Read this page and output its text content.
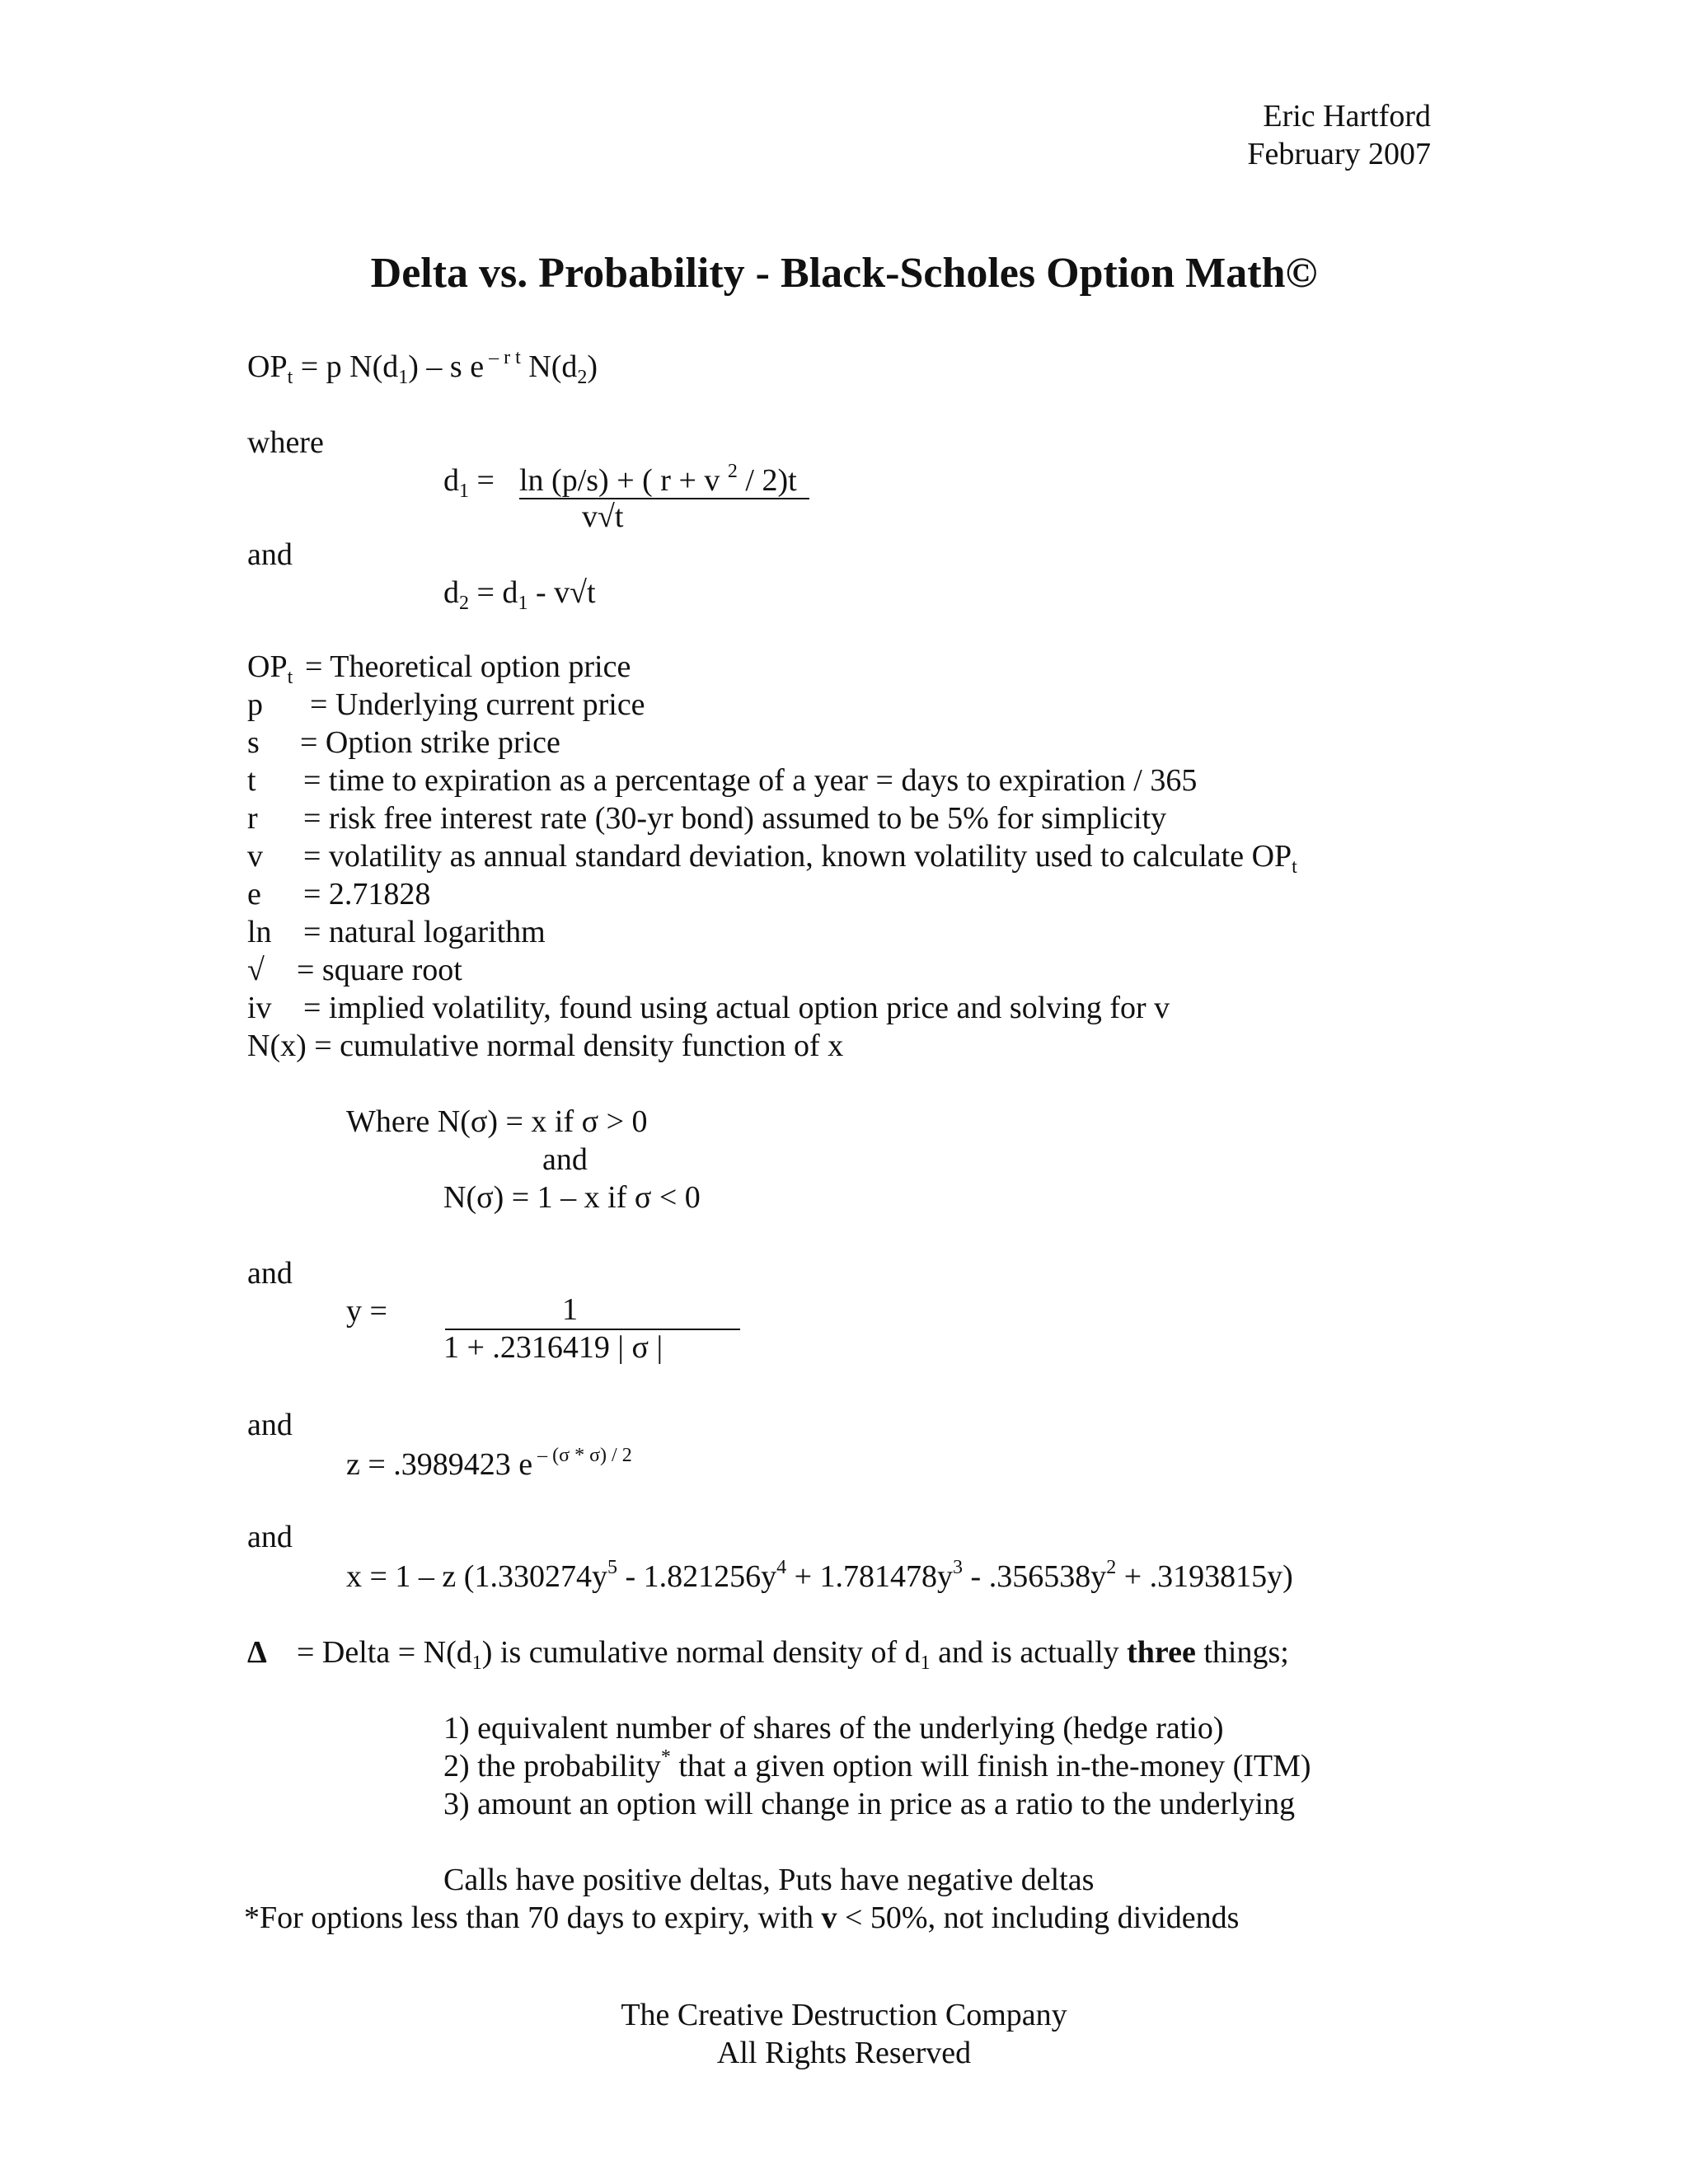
Eric Hartford
February 2007
Delta vs. Probability - Black-Scholes Option Math©
$OP_t = p$ $N(d_1)$ – s e $^{- r t}$ $N(d_2)$
where
$d_1 = \ln (p/s)$ + ( r + v $^2$ / 2)t
v√t
and
$d_2 = d_1 - v√t$
$OP_t$ = Theoretical option price
p = Underlying current price
s = Option strike price
t = time to expiration as a percentage of a year = days to expiration / 365
r = risk free interest rate (30-yr bond) assumed to be 5% for simplicity
v = volatility as annual standard deviation, known volatility used to calculate $OP_t$
e = 2.71828
ln = natural logarithm
√ = square root
iv = implied volatility, found using actual option price and solving for v
N(x) = cumulative normal density function of x
Where N(σ) = x if σ > 0
and
N(σ) = 1 – x if σ < 0
and
y =	1
1 + .2316419 | σ |
and
z = .3989423 e $^{- (\sigma * \sigma) / 2}$
and
x = 1 – z $(1.330274y^5 - 1.821256y^4 + 1.781478y^3 - .356538y^2 + .3193815y)$
Δ = Delta = $N(d_1)$ is cumulative normal density of $d_1$ and is actually three things;
1) equivalent number of shares of the underlying (hedge ratio)
2) the probability* that a given option will finish in-the-money (ITM)
3) amount an option will change in price as a ratio to the underlying
Calls have positive deltas, Puts have negative deltas
*For options less than 70 days to expiry, with v < 50%, not including dividends
The Creative Destruction Company
All Rights Reserved
